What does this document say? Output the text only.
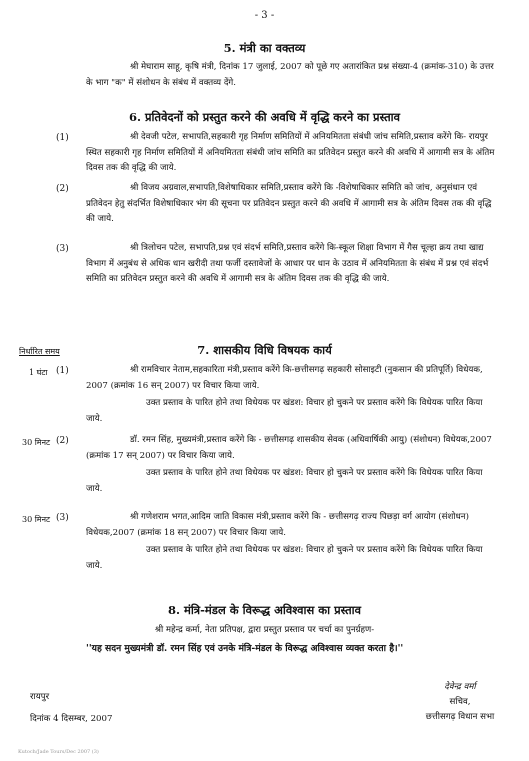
- 3 -
5. मंत्री का वक्तव्य
श्री मेघाराम साहू, कृषि मंत्री, दिनांक 17 जुलाई, 2007 को पूछे गए अतारांकित प्रश्न संख्या-4 (क्रमांक-310) के उत्तर के भाग "क" में संशोधन के संबंध में वक्तव्य देंगे.
6. प्रतिवेदनों को प्रस्तुत करने की अवधि में वृद्धि करने का प्रस्ताव
(1)	श्री देवजी पटेल, सभापति,सहकारी गृह निर्माण समितियों में अनियमितता संबंधी जांच समिति,प्रस्ताव करेंगे कि- रायपुर स्थित सहकारी गृह निर्माण समितियों में अनियमितता संबंधी जांच समिति का प्रतिवेदन प्रस्तुत करने की अवधि में आगामी सत्र के अंतिम दिवस तक की वृद्धि की जाये.
(2)	श्री विजय अग्रवाल,सभापति,विशेषाधिकार समिति,प्रस्ताव करेंगे कि -विशेषाधिकार समिति को जांच, अनुसंधान एवं प्रतिवेदन हेतु संदर्भित विशेषाधिकार भंग की सूचना पर प्रतिवेदन प्रस्तुत करने की अवधि में आगामी सत्र के अंतिम दिवस तक की वृद्धि की जाये.
(3)	श्री त्रिलोचन पटेल, सभापति,प्रश्न एवं संदर्भ समिति,प्रस्ताव करेंगे कि-स्कूल शिक्षा विभाग में गैस चूल्हा क्रय तथा खाद्य विभाग में अनुबंध से अधिक धान खरीदी तथा फर्जी दस्तावेजों के आधार पर धान के उठाव में अनियमितता के संबंध में प्रश्न एवं संदर्भ समिति का प्रतिवेदन प्रस्तुत करने की अवधि में आगामी सत्र के अंतिम दिवस तक की वृद्धि की जाये.
निर्धारित समय	7. शासकीय विधि विषयक कार्य
1 घंटा (1)	श्री रामविचार नेताम,सहकारिता मंत्री,प्रस्ताव करेंगे कि-छत्तीसगढ़ सहकारी सोसाइटी (नुकसान की प्रतिपूर्ति) विधेयक, 2007 (क्रमांक 16 सन् 2007) पर विचार किया जाये.
उक्त प्रस्ताव के पारित होने तथा विधेयक पर खंडश: विचार हो चुकने पर प्रस्ताव करेंगे कि विधेयक पारित किया जाये.
30 मिनट (2)	डॉ. रमन सिंह, मुख्यमंत्री,प्रस्ताव करेंगे कि - छत्तीसगढ़ शासकीय सेवक (अधिवार्षिकी आयु) (संशोधन) विधेयक,2007 (क्रमांक 17 सन् 2007) पर विचार किया जाये.
उक्त प्रस्ताव के पारित होने तथा विधेयक पर खंडश: विचार हो चुकने पर प्रस्ताव करेंगे कि विधेयक पारित किया जाये.
30 मिनट (3)	श्री गणेशराम भगत,आदिम जाति विकास मंत्री,प्रस्ताव करेंगे कि - छत्तीसगढ़ राज्य पिछड़ा वर्ग आयोग (संशोधन) विधेयक,2007 (क्रमांक 18 सन् 2007) पर विचार किया जाये.
उक्त प्रस्ताव के पारित होने तथा विधेयक पर खंडश: विचार हो चुकने पर प्रस्ताव करेंगे कि विधेयक पारित किया जाये.
8. मंत्रि-मंडल के विरूद्ध अविश्वास का प्रस्ताव
श्री महेन्द्र कर्मा, नेता प्रतिपक्ष, द्वारा प्रस्तुत प्रस्ताव पर चर्चा का पुनर्ग्रहण-
''यह सदन मुख्यमंत्री डॉ. रमन सिंह एवं उनके मंत्रि-मंडल के विरूद्ध अविश्वास व्यक्त करता है।''
रायपुर
दिनांक 4 दिसम्बर, 2007
देवेन्द्र वर्मा
सचिव,
छत्तीसगढ़ विधान सभा
Kutoch/Jade Tours/Dec 2007 (3)
